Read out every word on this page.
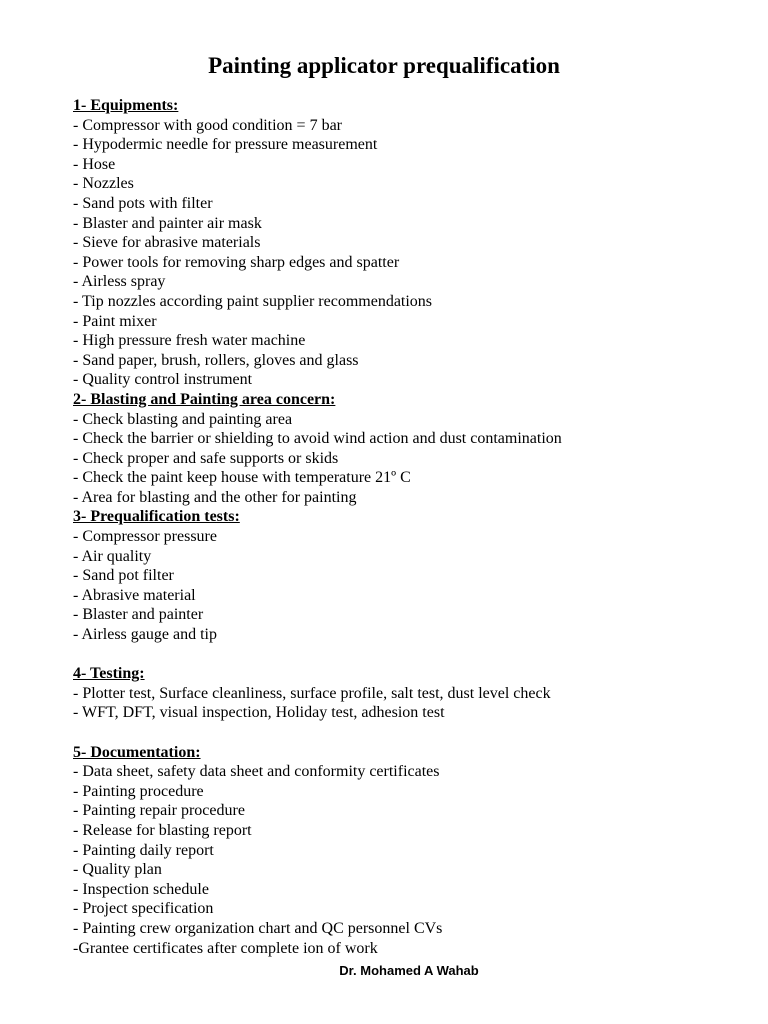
Painting applicator prequalification
1- Equipments:
- Compressor with good condition = 7 bar
- Hypodermic needle for pressure measurement
- Hose
- Nozzles
- Sand pots with filter
- Blaster and painter air mask
- Sieve for abrasive materials
- Power tools for removing sharp edges and spatter
- Airless spray
- Tip nozzles according paint supplier recommendations
- Paint mixer
- High pressure fresh water machine
- Sand paper, brush, rollers, gloves and glass
- Quality control instrument
2- Blasting and Painting area concern:
- Check blasting and painting area
- Check the barrier or shielding to avoid wind action and dust contamination
- Check proper and safe supports or skids
- Check the paint keep house with temperature 21º C
- Area for blasting and the other for painting
3- Prequalification tests:
- Compressor pressure
- Air quality
- Sand pot filter
- Abrasive material
- Blaster and painter
- Airless gauge and tip
4- Testing:
- Plotter test, Surface cleanliness, surface profile, salt test, dust level check
- WFT, DFT, visual inspection, Holiday test, adhesion test
5- Documentation:
- Data sheet, safety data sheet and conformity certificates
- Painting procedure
- Painting repair procedure
- Release for blasting report
- Painting daily report
- Quality plan
- Inspection schedule
- Project specification
- Painting crew organization chart and QC personnel CVs
-Grantee certificates after complete ion of work
Dr. Mohamed A Wahab
